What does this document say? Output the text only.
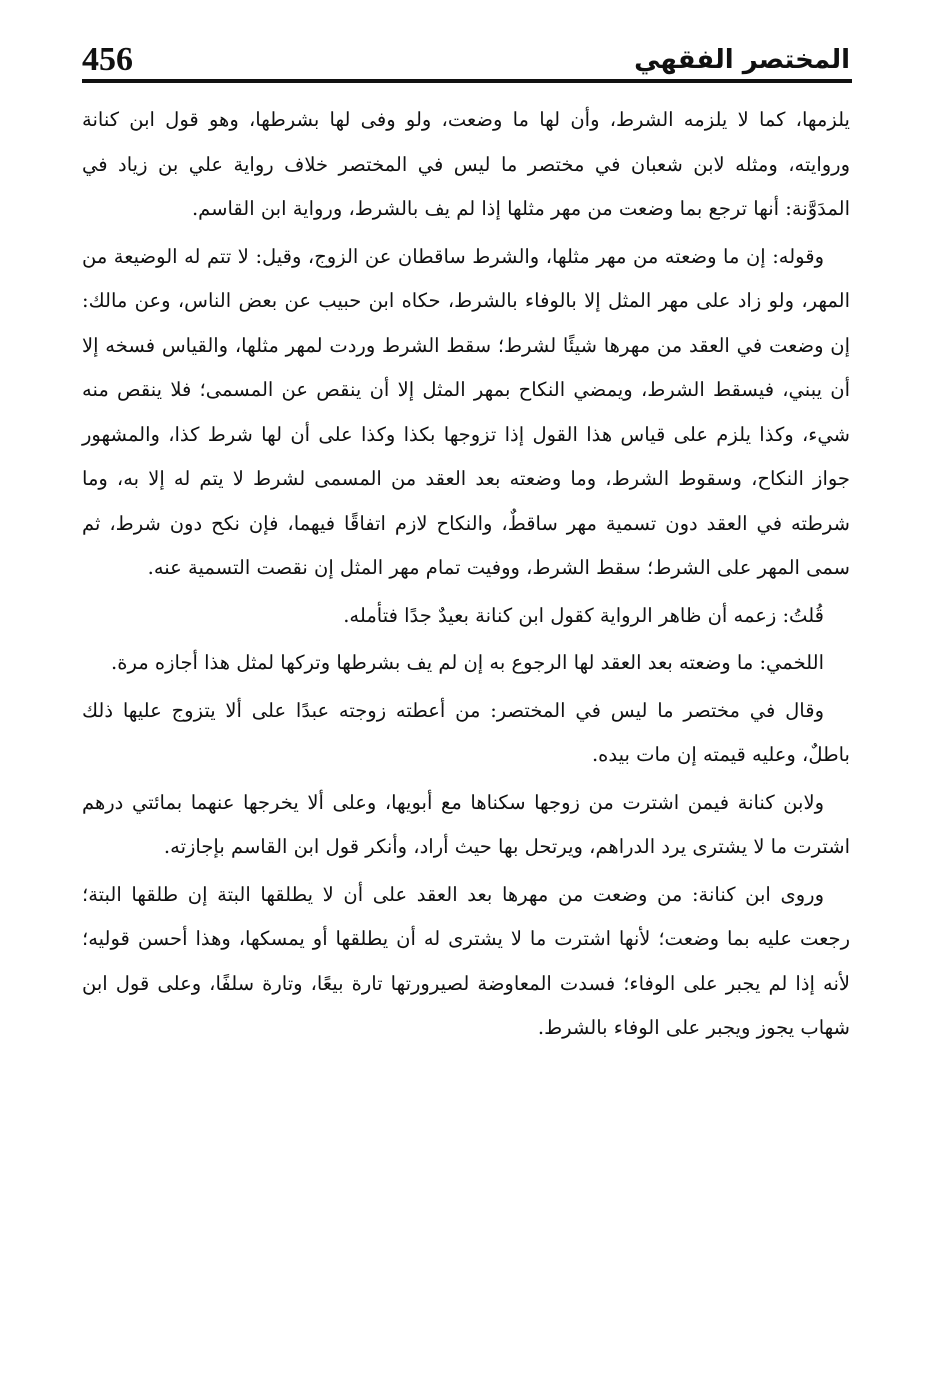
456	المختصر الفقهي

يلزمها، كما لا يلزمه الشرط، وأن لها ما وضعت، ولو وفى لها بشرطها، وهو قول ابن كنانة وروايته، ومثله لابن شعبان في مختصر ما ليس في المختصر خلاف رواية علي بن زياد في المدَوَّنة: أنها ترجع بما وضعت من مهر مثلها إذا لم يف بالشرط، ورواية ابن القاسم.

وقوله: إن ما وضعته من مهر مثلها، والشرط ساقطان عن الزوج، وقيل: لا تتم له الوضيعة من المهر، ولو زاد على مهر المثل إلا بالوفاء بالشرط، حكاه ابن حبيب عن بعض الناس، وعن مالك: إن وضعت في العقد من مهرها شيئًا لشرط؛ سقط الشرط وردت لمهر مثلها، والقياس فسخه إلا أن يبني، فيسقط الشرط، ويمضي النكاح بمهر المثل إلا أن ينقص عن المسمى؛ فلا ينقص منه شيء، وكذا يلزم على قياس هذا القول إذا تزوجها بكذا وكذا على أن لها شرط كذا، والمشهور جواز النكاح، وسقوط الشرط، وما وضعته بعد العقد من المسمى لشرط لا يتم له إلا به، وما شرطته في العقد دون تسمية مهر ساقطٌ، والنكاح لازم اتفاقًا فيهما، فإن نكح دون شرط، ثم سمى المهر على الشرط؛ سقط الشرط، ووفيت تمام مهر المثل إن نقصت التسمية عنه.

قُلتُ: زعمه أن ظاهر الرواية كقول ابن كنانة بعيدٌ جدًا فتأمله.

اللخمي: ما وضعته بعد العقد لها الرجوع به إن لم يف بشرطها وتركها لمثل هذا أجازه مرة.

وقال في مختصر ما ليس في المختصر: من أعطته زوجته عبدًا على ألا يتزوج عليها ذلك باطلٌ، وعليه قيمته إن مات بيده.

ولابن كنانة فيمن اشترت من زوجها سكناها مع أبويها، وعلى ألا يخرجها عنهما بمائتي درهم اشترت ما لا يشترى يرد الدراهم، ويرتحل بها حيث أراد، وأنكر قول ابن القاسم بإجازته.

وروى ابن كنانة: من وضعت من مهرها بعد العقد على أن لا يطلقها البتة إن طلقها البتة؛ رجعت عليه بما وضعت؛ لأنها اشترت ما لا يشترى له أن يطلقها أو يمسكها، وهذا أحسن قوليه؛ لأنه إذا لم يجبر على الوفاء؛ فسدت المعاوضة لصيرورتها تارة بيعًا، وتارة سلفًا، وعلى قول ابن شهاب يجوز ويجبر على الوفاء بالشرط.
